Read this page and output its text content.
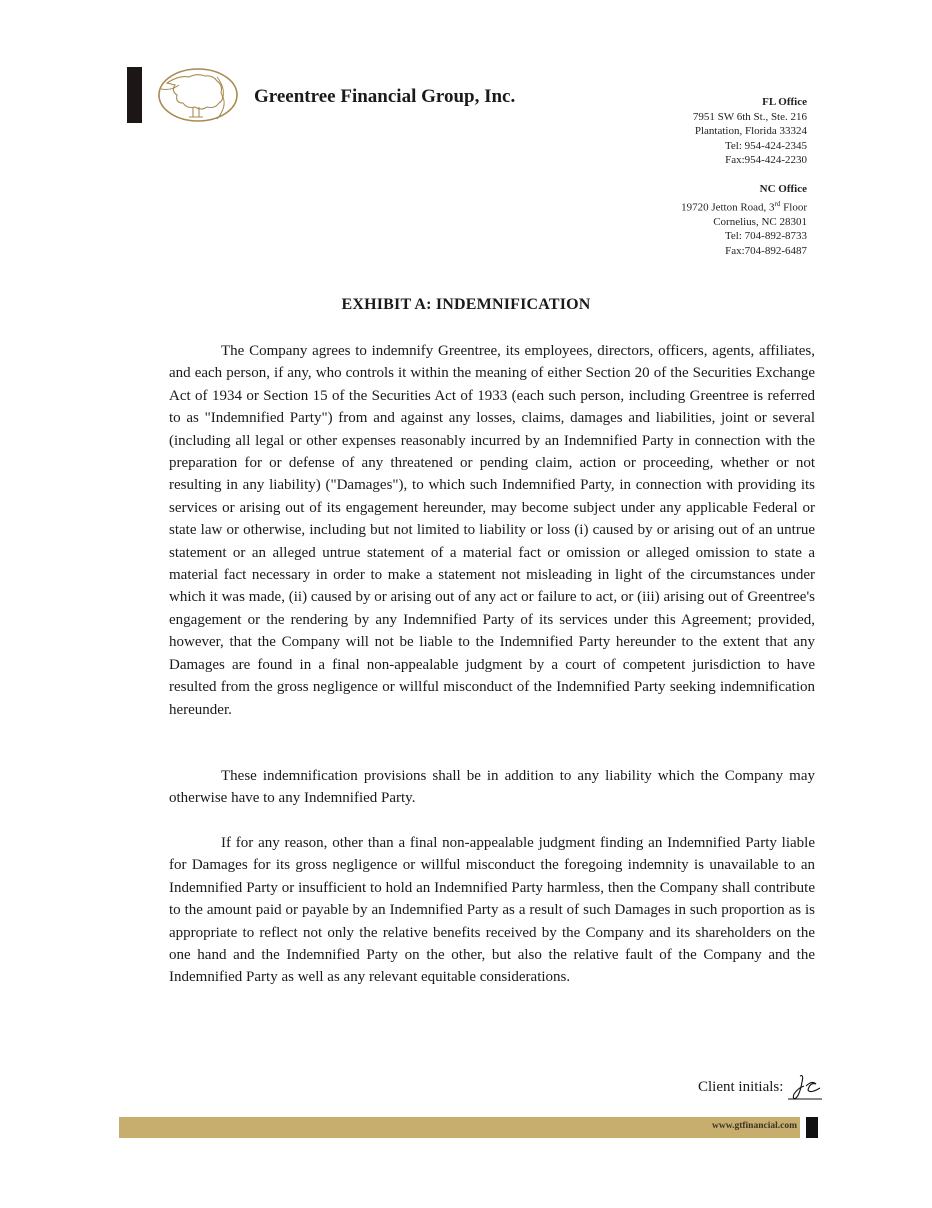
Greentree Financial Group, Inc.	FL Office
7951 SW 6th St., Ste. 216
Plantation, Florida 33324
Tel: 954-424-2345
Fax:954-424-2230
NC Office
19720 Jetton Road, 3rd Floor
Cornelius, NC 28301
Tel: 704-892-8733
Fax:704-892-6487
EXHIBIT A: INDEMNIFICATION

The Company agrees to indemnify Greentree, its employees, directors, officers, agents, affiliates, and each person, if any, who controls it within the meaning of either Section 20 of the Securities Exchange Act of 1934 or Section 15 of the Securities Act of 1933 (each such person, including Greentree is referred to as "Indemnified Party") from and against any losses, claims, damages and liabilities, joint or several (including all legal or other expenses reasonably incurred by an Indemnified Party in connection with the preparation for or defense of any threatened or pending claim, action or proceeding, whether or not resulting in any liability) ("Damages"), to which such Indemnified Party, in connection with providing its services or arising out of its engagement hereunder, may become subject under any applicable Federal or state law or otherwise, including but not limited to liability or loss (i) caused by or arising out of an untrue statement or an alleged untrue statement of a material fact or omission or alleged omission to state a material fact necessary in order to make a statement not misleading in light of the circumstances under which it was made, (ii) caused by or arising out of any act or failure to act, or (iii) arising out of Greentree's engagement or the rendering by any Indemnified Party of its services under this Agreement; provided, however, that the Company will not be liable to the Indemnified Party hereunder to the extent that any Damages are found in a final non-appealable judgment by a court of competent jurisdiction to have resulted from the gross negligence or willful misconduct of the Indemnified Party seeking indemnification hereunder.

These indemnification provisions shall be in addition to any liability which the Company may otherwise have to any Indemnified Party.

If for any reason, other than a final non-appealable judgment finding an Indemnified Party liable for Damages for its gross negligence or willful misconduct the foregoing indemnity is unavailable to an Indemnified Party or insufficient to hold an Indemnified Party harmless, then the Company shall contribute to the amount paid or payable by an Indemnified Party as a result of such Damages in such proportion as is appropriate to reflect not only the relative benefits received by the Company and its shareholders on the one hand and the Indemnified Party on the other, but also the relative fault of the Company and the Indemnified Party as well as any relevant equitable considerations.

Client initials:
www.gtfinancial.com
